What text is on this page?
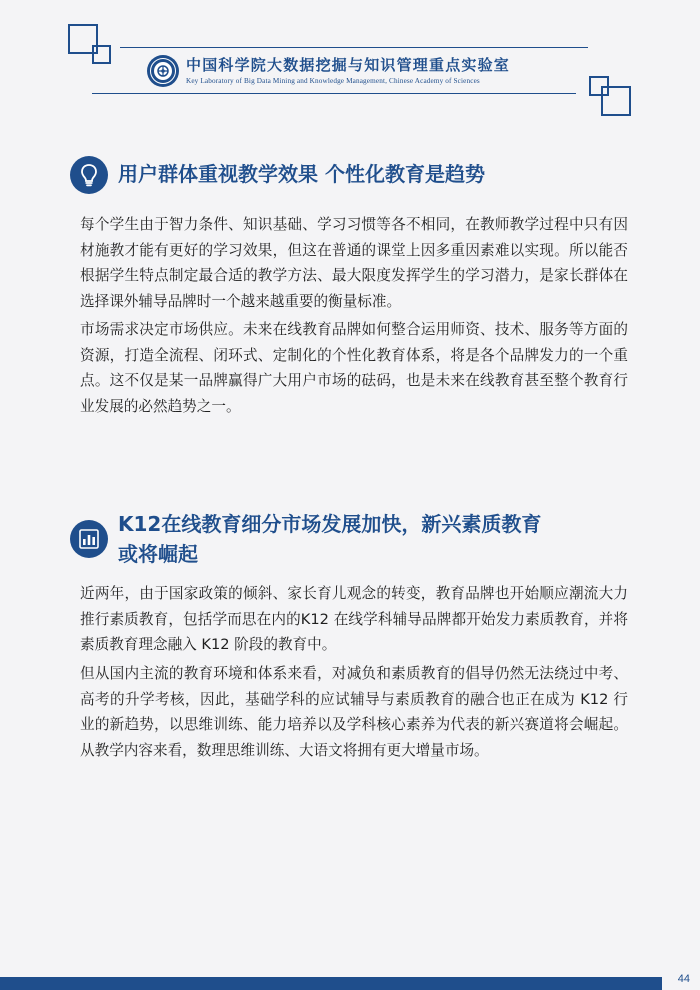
中国科学院大数据挖掘与知识管理重点实验室
Key Laboratory of Big Data Mining and Knowledge Management, Chinese Academy of Sciences
用户群体重视教学效果 个性化教育是趋势

每个学生由于智力条件、知识基础、学习习惯等各不相同，在教师教学过程中只有因材施教才能有更好的学习效果，但这在普通的课堂上因多重因素难以实现。所以能否根据学生特点制定最合适的教学方法、最大限度发挥学生的学习潜力，是家长群体在选择课外辅导品牌时一个越来越重要的衡量标准。

市场需求决定市场供应。未来在线教育品牌如何整合运用师资、技术、服务等方面的资源，打造全流程、闭环式、定制化的个性化教育体系，将是各个品牌发力的一个重点。这不仅是某一品牌赢得广大用户市场的砝码，也是未来在线教育甚至整个教育行业发展的必然趋势之一。

K12在线教育细分市场发展加快，新兴素质教育
或将崛起

近两年，由于国家政策的倾斜、家长育儿观念的转变，教育品牌也开始顺应潮流大力推行素质教育，包括学而思在内的K12 在线学科辅导品牌都开始发力素质教育，并将素质教育理念融入 K12 阶段的教育中。

但从国内主流的教育环境和体系来看，对减负和素质教育的倡导仍然无法绕过中考、高考的升学考核，因此，基础学科的应试辅导与素质教育的融合也正在成为 K12 行业的新趋势，以思维训练、能力培养以及学科核心素养为代表的新兴赛道将会崛起。从教学内容来看，数理思维训练、大语文将拥有更大增量市场。

44
